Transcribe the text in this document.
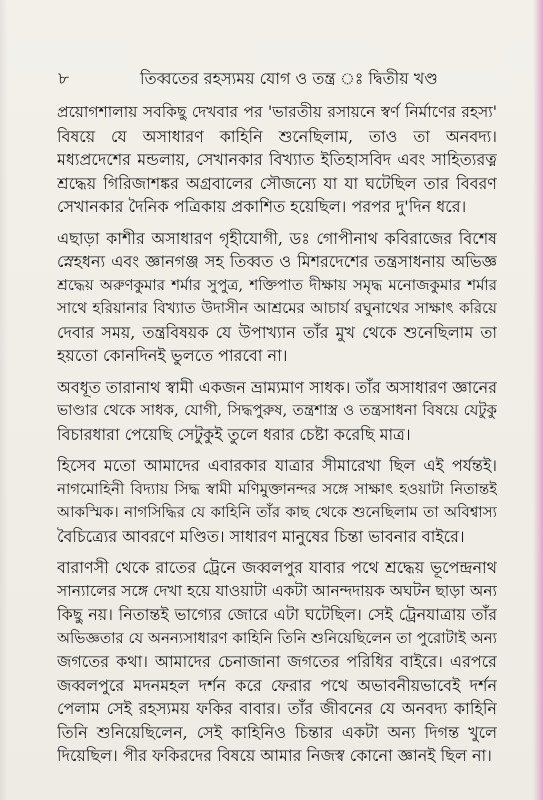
৮	তিব্বতের রহস্যময় যোগ ও তন্ত্র ঃ দ্বিতীয় খণ্ড
প্রয়োগশালায় সবকিছু দেখবার পর 'ভারতীয় রসায়নে স্বর্ণ নির্মাণের রহস্য'
বিষয়ে যে অসাধারণ কাহিনি শুনেছিলাম, তাও তা অনবদ্য।
মধ্যপ্রদেশের মন্ডলায়, সেখানকার বিখ্যাত ইতিহাসবিদ এবং সাহিত্যরত্ন
শ্রদ্ধেয় গিরিজাশঙ্কর অগ্রবালের সৌজন্যে যা যা ঘটেছিল তার বিবরণ
সেখানকার দৈনিক পত্রিকায় প্রকাশিত হয়েছিল। পরপর দু'দিন ধরে।
এছাড়া কাশীর অসাধারণ গৃহীযোগী, ডঃ গোপীনাথ কবিরাজের বিশেষ
স্নেহধন্য এবং জ্ঞানগঞ্জ সহ তিব্বত ও মিশরদেশের তন্ত্রসাধনায় অভিজ্ঞ
শ্রদ্ধেয় অরুণকুমার শর্মার সুপুত্র, শক্তিপাত দীক্ষায় সমৃদ্ধ মনোজকুমার শর্মার
সাথে হরিয়ানার বিখ্যাত উদাসীন আশ্রমের আচার্য রঘুনাথের সাক্ষাৎ করিয়ে
দেবার সময়, তন্ত্রবিষয়ক যে উপাখ্যান তাঁর মুখ থেকে শুনেছিলাম তা
হয়তো কোনদিনই ভুলতে পারবো না।
অবধূত তারানাথ স্বামী একজন ভ্রাম্যমাণ সাধক। তাঁর অসাধারণ জ্ঞানের
ভাণ্ডার থেকে সাধক, যোগী, সিদ্ধপুরুষ, তন্ত্রশাস্ত্র ও তন্ত্রসাধনা বিষয়ে যেটুকু
বিচারধারা পেয়েছি সেটুকুই তুলে ধরার চেষ্টা করেছি মাত্র।
হিসেব মতো আমাদের এবারকার যাত্রার সীমারেখা ছিল এই পর্যন্তই।
নাগমোহিনী বিদ্যায় সিদ্ধ স্বামী মণিমুক্তানন্দর সঙ্গে সাক্ষাৎ হওয়াটা নিতান্তই
আকস্মিক। নাগসিদ্ধির যে কাহিনি তাঁর কাছ থেকে শুনেছিলাম তা অবিশ্বাস্য
বৈচিত্র্যের আবরণে মণ্ডিত। সাধারণ মানুষের চিন্তা ভাবনার বাইরে।
বারাণসী থেকে রাতের ট্রেনে জব্বলপুর যাবার পথে শ্রদ্ধেয় ভূপেন্দ্রনাথ
সান্যালের সঙ্গে দেখা হয়ে যাওয়াটা একটা আনন্দদায়ক অঘটন ছাড়া অন্য
কিছু নয়। নিতান্তই ভাগ্যের জোরে এটা ঘটেছিল। সেই ট্রেনযাত্রায় তাঁর
অভিজ্ঞতার যে অনন্যসাধারণ কাহিনি তিনি শুনিয়েছিলেন তা পুরোটাই অন্য
জগতের কথা। আমাদের চেনাজানা জগতের পরিধির বাইরে। এরপরে
জব্বলপুরে মদনমহল দর্শন করে ফেরার পথে অভাবনীয়ভাবেই দর্শন
পেলাম সেই রহস্যময় ফকির বাবার। তাঁর জীবনের যে অনবদ্য কাহিনি
তিনি শুনিয়েছিলেন, সেই কাহিনিও চিন্তার একটা অন্য দিগন্ত খুলে
দিয়েছিল। পীর ফকিরদের বিষয়ে আমার নিজস্ব কোনো জ্ঞানই ছিল না।
